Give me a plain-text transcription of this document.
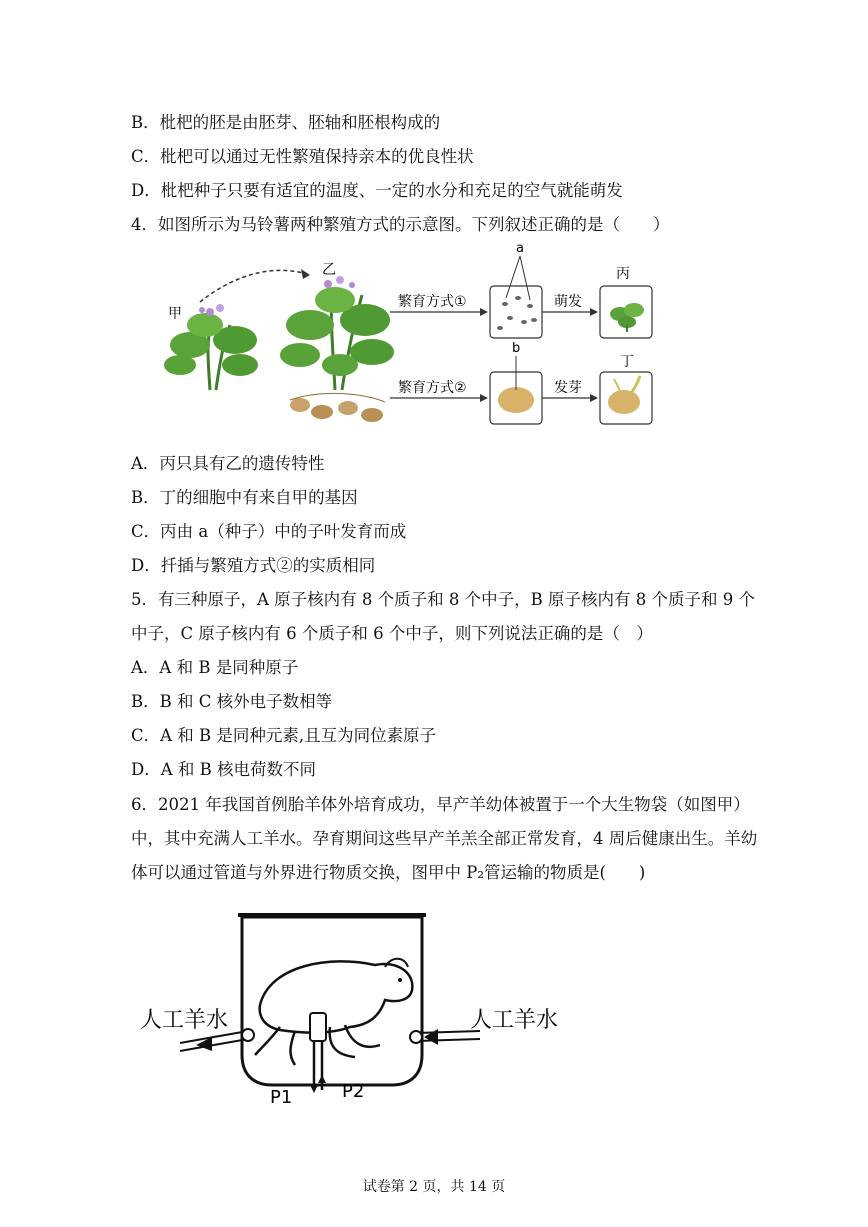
B．枇杷的胚是由胚芽、胚轴和胚根构成的
C．枇杷可以通过无性繁殖保持亲本的优良性状
D．枇杷种子只要有适宜的温度、一定的水分和充足的空气就能萌发
4．如图所示为马铃薯两种繁殖方式的示意图。下列叙述正确的是（　　）
甲
乙
繁育方式①
a
萌发
丙
繁育方式②
b
发芽
丁
A．丙只具有乙的遗传特性
B．丁的细胞中有来自甲的基因
C．丙由 a（种子）中的子叶发育而成
D．扦插与繁殖方式②的实质相同
5．有三种原子，A 原子核内有 8 个质子和 8 个中子，B 原子核内有 8 个质子和 9 个中子，C 原子核内有 6 个质子和 6 个中子，则下列说法正确的是（　）
A．A 和 B 是同种原子
B．B 和 C 核外电子数相等
C．A 和 B 是同种元素,且互为同位素原子
D．A 和 B 核电荷数不同
6．2021 年我国首例胎羊体外培育成功，早产羊幼体被置于一个大生物袋（如图甲）中，其中充满人工羊水。孕育期间这些早产羊羔全部正常发育，4 周后健康出生。羊幼体可以通过管道与外界进行物质交换，图甲中 P₂管运输的物质是(　　)
P1	P2
人工羊水	人工羊水
试卷第 2 页，共 14 页
